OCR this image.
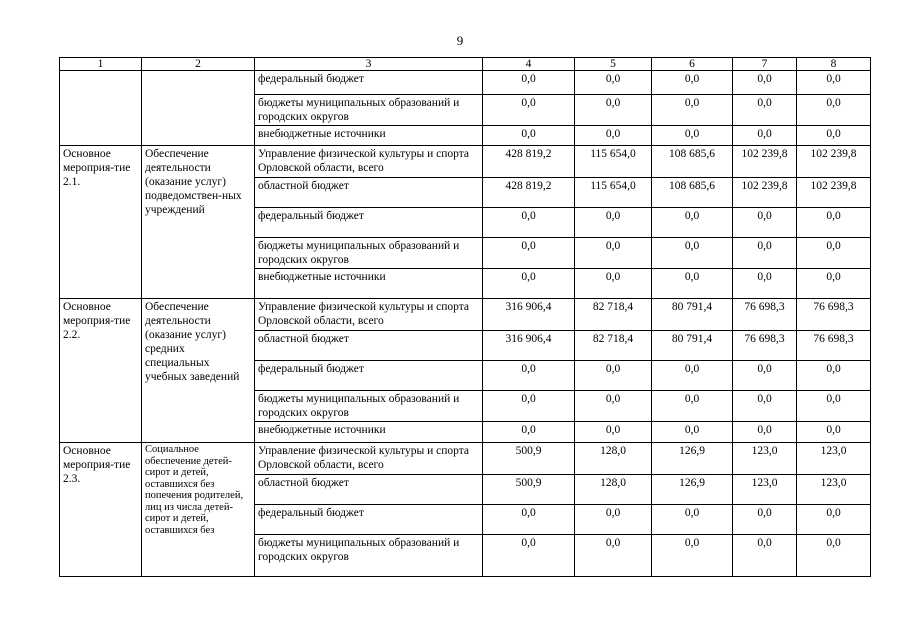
9
1	2	3	4	5	6	7	8
		федеральный бюджет	0,0	0,0	0,0	0,0	0,0
		бюджеты муниципальных образований и городских округов	0,0	0,0	0,0	0,0	0,0
		внебюджетные источники	0,0	0,0	0,0	0,0	0,0
Основное мероприя-тие 2.1.	Обеспечение деятельности (оказание услуг) подведомствен-ных учреждений	Управление физической культуры и спорта Орловской области, всего	428 819,2	115 654,0	108 685,6	102 239,8	102 239,8
		областной бюджет	428 819,2	115 654,0	108 685,6	102 239,8	102 239,8
		федеральный бюджет	0,0	0,0	0,0	0,0	0,0
		бюджеты муниципальных образований и городских округов	0,0	0,0	0,0	0,0	0,0
		внебюджетные источники	0,0	0,0	0,0	0,0	0,0
Основное мероприя-тие 2.2.	Обеспечение деятельности (оказание услуг) средних специальных учебных заведений	Управление физической культуры и спорта Орловской области, всего	316 906,4	82 718,4	80 791,4	76 698,3	76 698,3
		областной бюджет	316 906,4	82 718,4	80 791,4	76 698,3	76 698,3
		федеральный бюджет	0,0	0,0	0,0	0,0	0,0
		бюджеты муниципальных образований и городских округов	0,0	0,0	0,0	0,0	0,0
		внебюджетные источники	0,0	0,0	0,0	0,0	0,0
Основное мероприя-тие 2.3.	Социальное обеспечение детей-сирот и детей, оставшихся без попечения родителей, лиц из числа детей-сирот и детей, оставшихся без	Управление физической культуры и спорта Орловской области, всего	500,9	128,0	126,9	123,0	123,0
		областной бюджет	500,9	128,0	126,9	123,0	123,0
		федеральный бюджет	0,0	0,0	0,0	0,0	0,0
		бюджеты муниципальных образований и городских округов	0,0	0,0	0,0	0,0	0,0
